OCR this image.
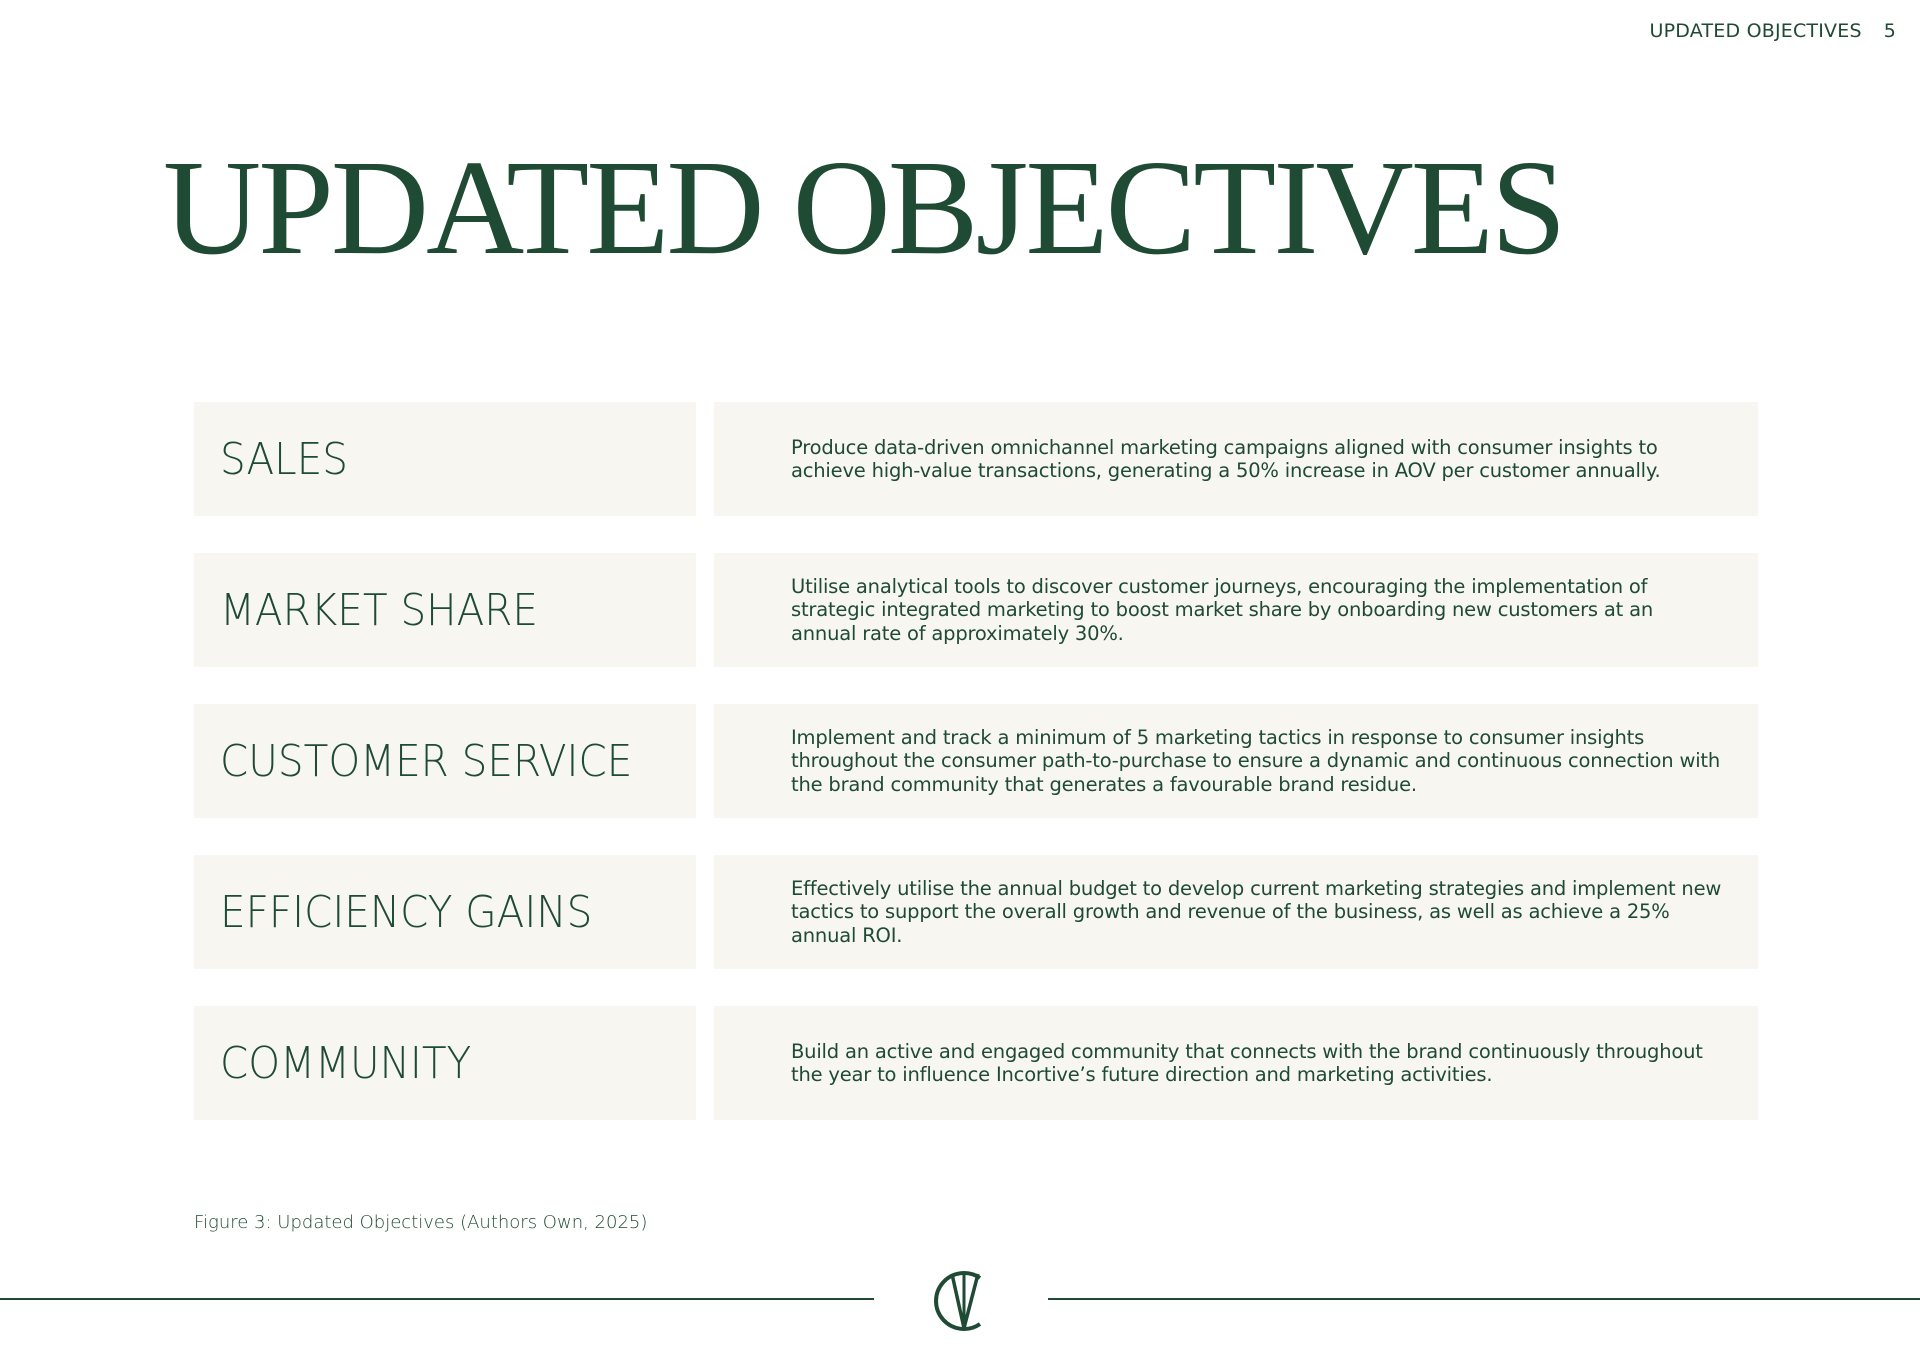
UPDATED OBJECTIVES 5
UPDATED OBJECTIVES
SALES	Produce data-driven omnichannel marketing campaigns aligned with consumer insights to achieve high-value transactions, generating a 50% increase in AOV per customer annually.
MARKET SHARE	Utilise analytical tools to discover customer journeys, encouraging the implementation of strategic integrated marketing to boost market share by onboarding new customers at an annual rate of approximately 30%.
CUSTOMER SERVICE	Implement and track a minimum of 5 marketing tactics in response to consumer insights throughout the consumer path-to-purchase to ensure a dynamic and continuous connection with the brand community that generates a favourable brand residue.
EFFICIENCY GAINS	Effectively utilise the annual budget to develop current marketing strategies and implement new tactics to support the overall growth and revenue of the business, as well as achieve a 25% annual ROI.
COMMUNITY	Build an active and engaged community that connects with the brand continuously throughout the year to influence Incortive’s future direction and marketing activities.
Figure 3: Updated Objectives (Authors Own, 2025)
